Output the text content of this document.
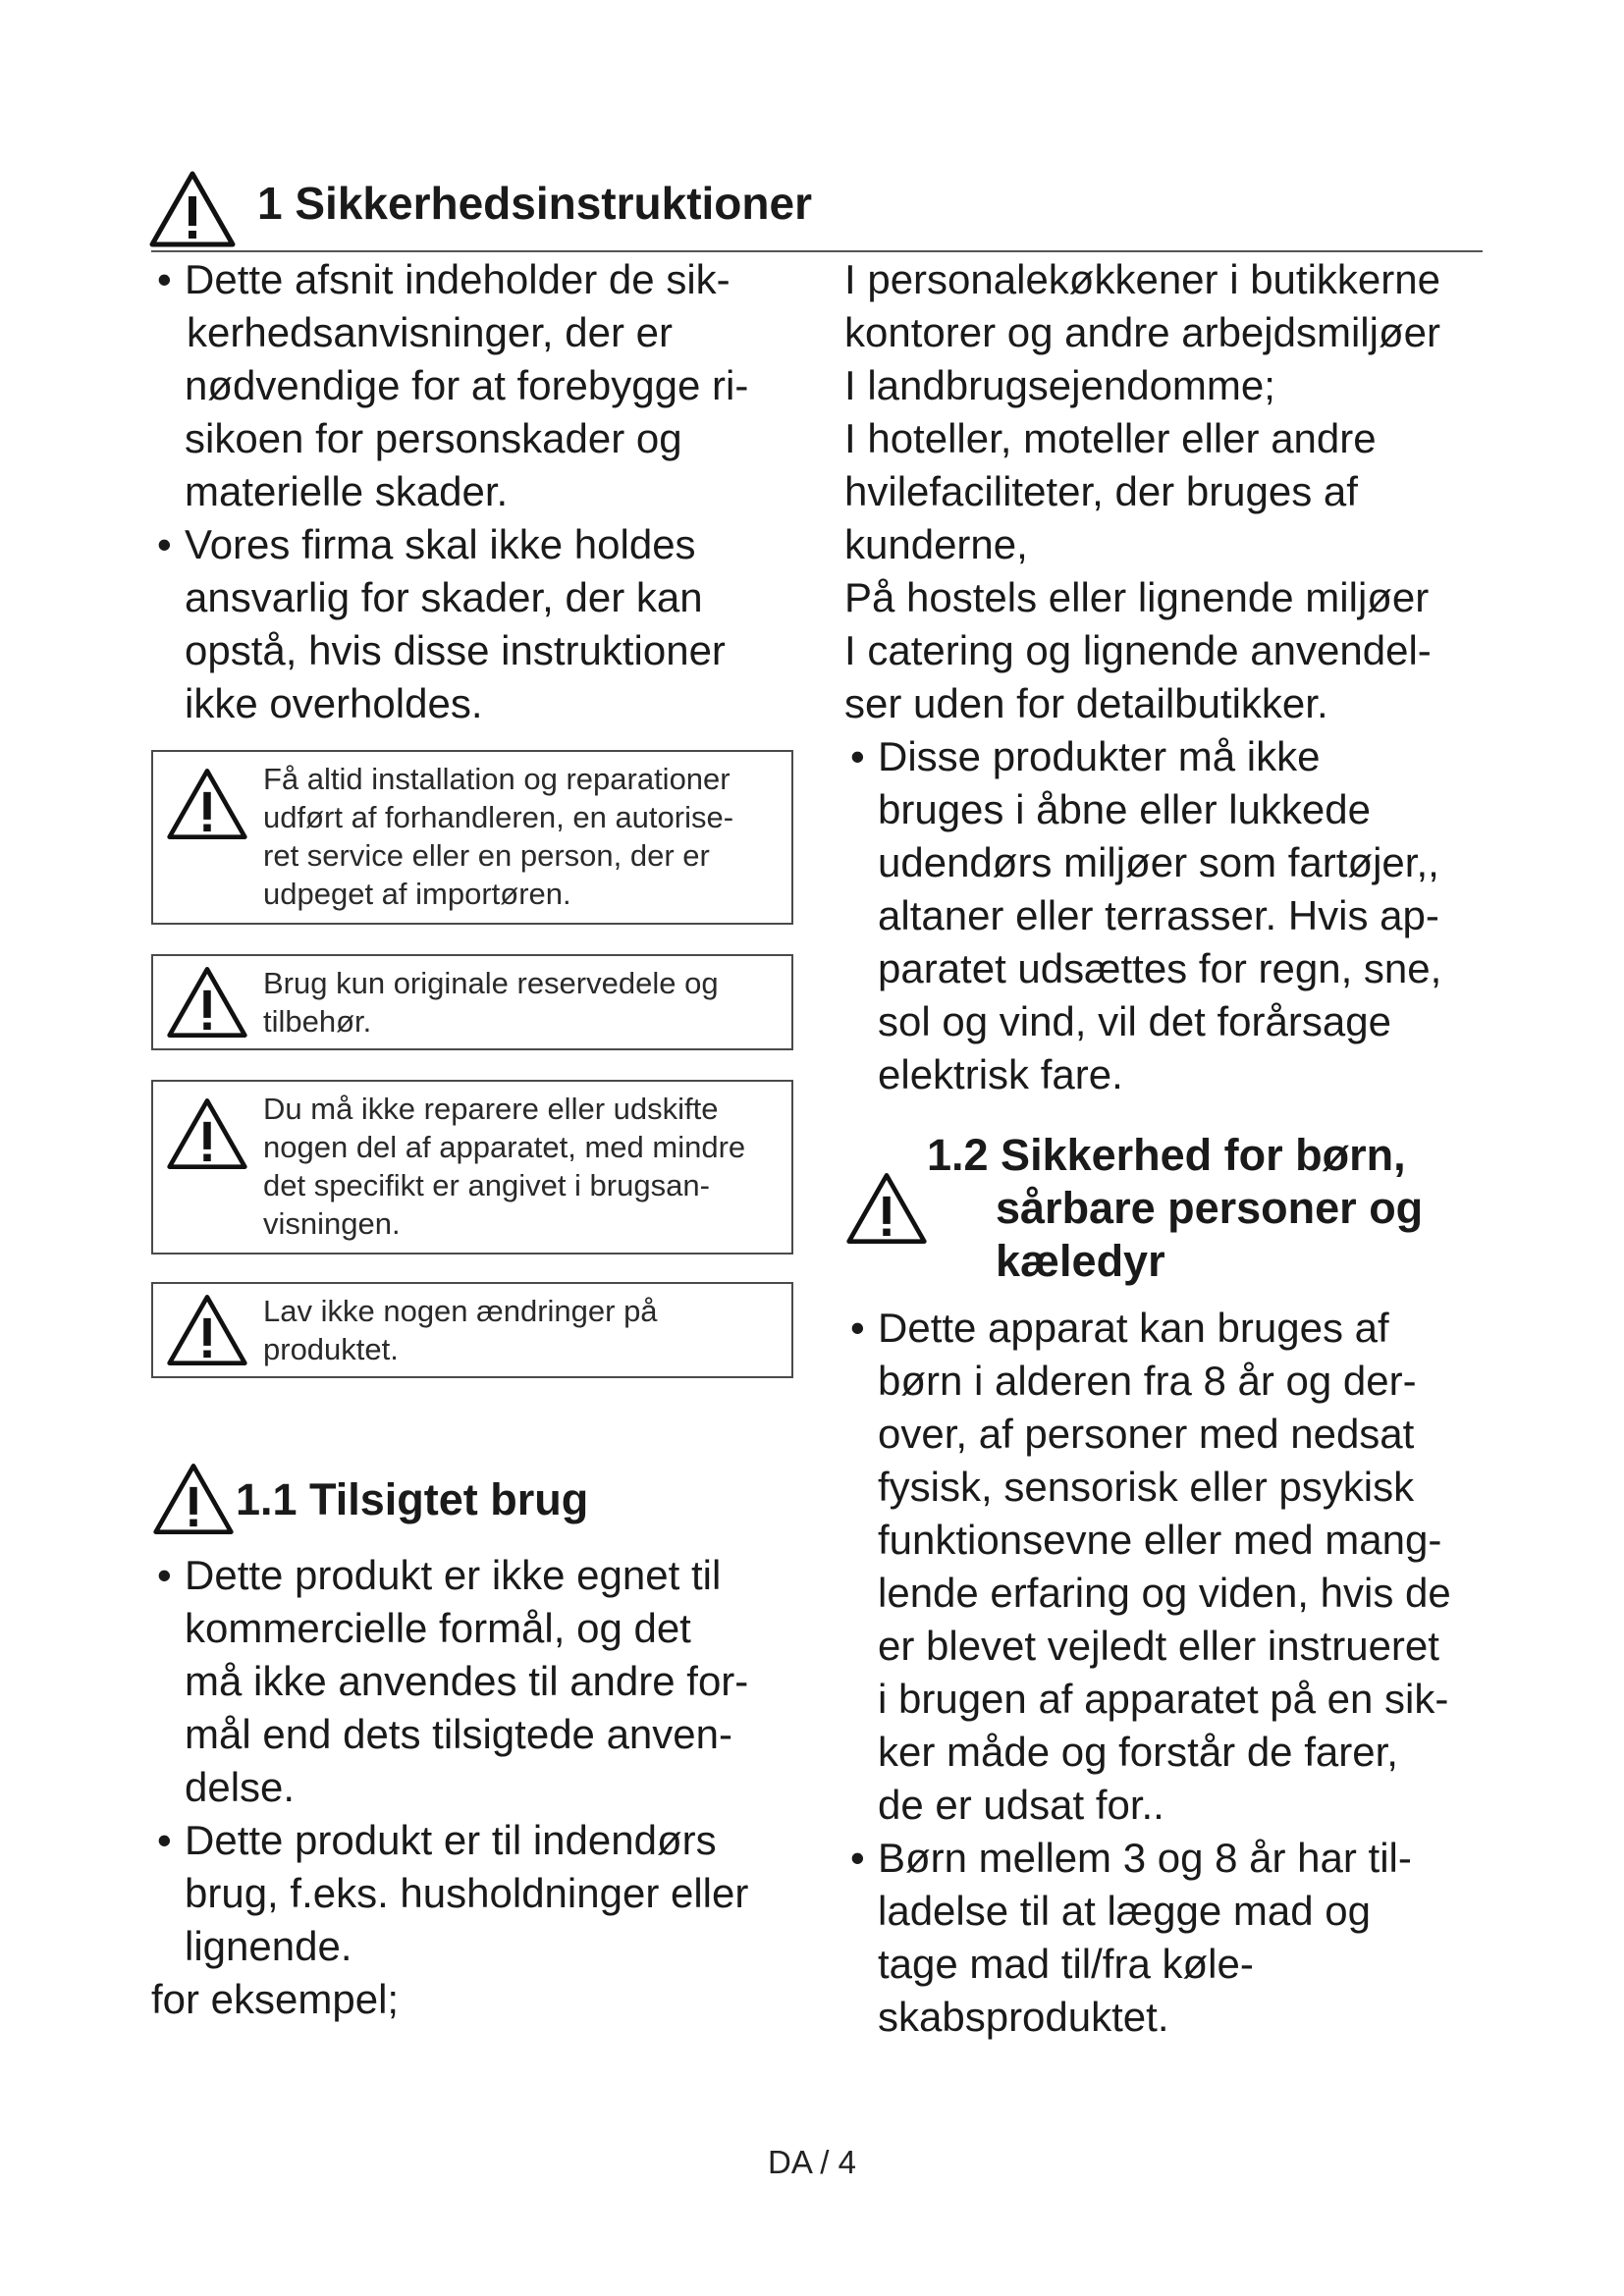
1 Sikkerhedsinstruktioner
• Dette afsnit indeholder de sik-
kerhedsanvisninger, der er
nødvendige for at forebygge ri-
sikoen for personskader og
materielle skader.
• Vores firma skal ikke holdes
ansvarlig for skader, der kan
opstå, hvis disse instruktioner
ikke overholdes.
Få altid installation og reparationer
udført af forhandleren, en autorise-
ret service eller en person, der er
udpeget af importøren.
Brug kun originale reservedele og
tilbehør.
Du må ikke reparere eller udskifte
nogen del af apparatet, med mindre
det specifikt er angivet i brugsan-
visningen.
Lav ikke nogen ændringer på
produktet.
1.1 Tilsigtet brug
• Dette produkt er ikke egnet til
kommercielle formål, og det
må ikke anvendes til andre for-
mål end dets tilsigtede anven-
delse.
• Dette produkt er til indendørs
brug, f.eks. husholdninger eller
lignende.
for eksempel;
I personalekøkkener i butikkerne
kontorer og andre arbejdsmiljøer
I landbrugsejendomme;
I hoteller, moteller eller andre
hvilefaciliteter, der bruges af
kunderne,
På hostels eller lignende miljøer
I catering og lignende anvendel-
ser uden for detailbutikker.
• Disse produkter må ikke
bruges i åbne eller lukkede
udendørs miljøer som fartøjer,,
altaner eller terrasser. Hvis ap-
paratet udsættes for regn, sne,
sol og vind, vil det forårsage
elektrisk fare.
1.2 Sikkerhed for børn,
sårbare personer og
kæledyr
• Dette apparat kan bruges af
børn i alderen fra 8 år og der-
over, af personer med nedsat
fysisk, sensorisk eller psykisk
funktionsevne eller med mang-
lende erfaring og viden, hvis de
er blevet vejledt eller instrueret
i brugen af apparatet på en sik-
ker måde og forstår de farer,
de er udsat for..
• Børn mellem 3 og 8 år har til-
ladelse til at lægge mad og
tage mad til/fra køle-
skabsproduktet.
DA / 4
